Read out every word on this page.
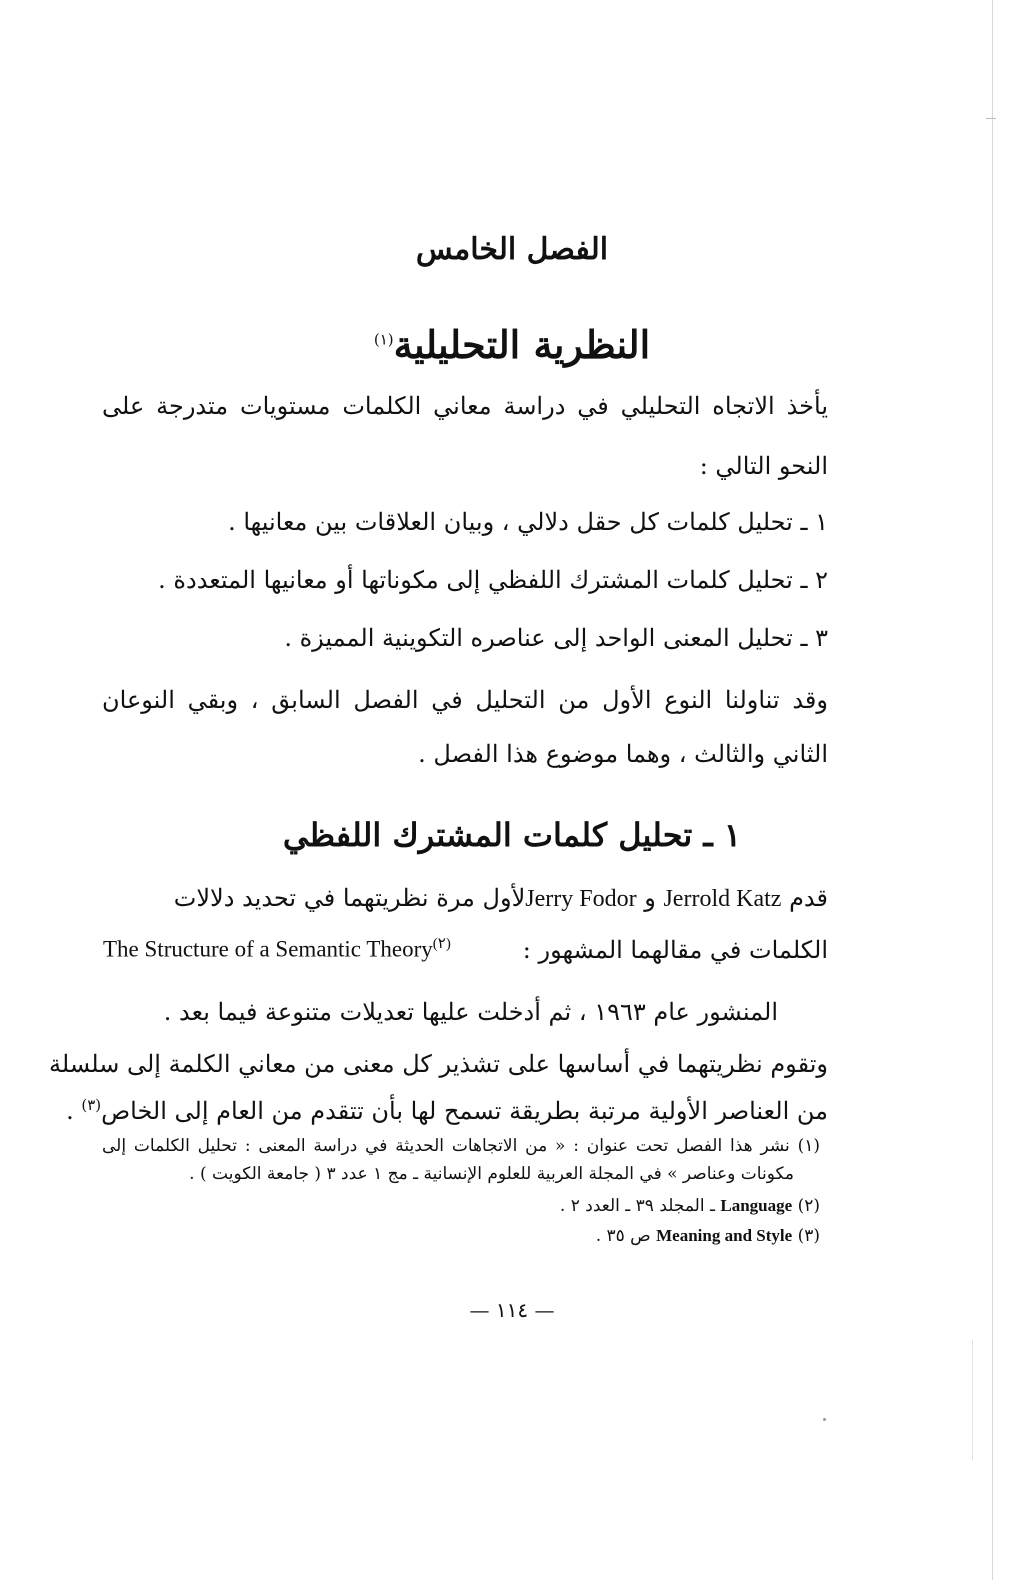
الفصل الخامس
النظرية التحليلية$^{(١)}$
يأخذ الاتجاه التحليلي في دراسة معاني الكلمات مستويات متدرجة على
النحو التالي :
١ ـ تحليل كلمات كل حقل دلالي ، وبيان العلاقات بين معانيها .
٢ ـ تحليل كلمات المشترك اللفظي إلى مكوناتها أو معانيها المتعددة .
٣ ـ تحليل المعنى الواحد إلى عناصره التكوينية المميزة .
وقد تناولنا النوع الأول من التحليل في الفصل السابق ، وبقي النوعان
الثاني والثالث ، وهما موضوع هذا الفصل .
١ ـ تحليل كلمات المشترك اللفظي
قدم Jerrold Katz و Jerry Fodorلأول مرة نظريتهما في تحديد دلالات
الكلمات في مقالهما المشهور :
The Structure of a Semantic Theory$^{(٢)}$
المنشور عام ١٩٦٣ ، ثم أدخلت عليها تعديلات متنوعة فيما بعد .
وتقوم نظريتهما في أساسها على تشذير كل معنى من معاني الكلمة إلى سلسلة
من العناصر الأولية مرتبة بطريقة تسمح لها بأن تتقدم من العام إلى الخاص$^{(٣)}$ .
(١) نشر هذا الفصل تحت عنوان : « من الاتجاهات الحديثة في دراسة المعنى : تحليل الكلمات إلى
مكونات وعناصر » في المجلة العربية للعلوم الإنسانية ـ مج ١ عدد ٣ ( جامعة الكويت ) .
(٢) Language ـ المجلد ٣٩ ـ العدد ٢ .
(٣) Meaning and Style ص ٣٥ .
— ١١٤ —
